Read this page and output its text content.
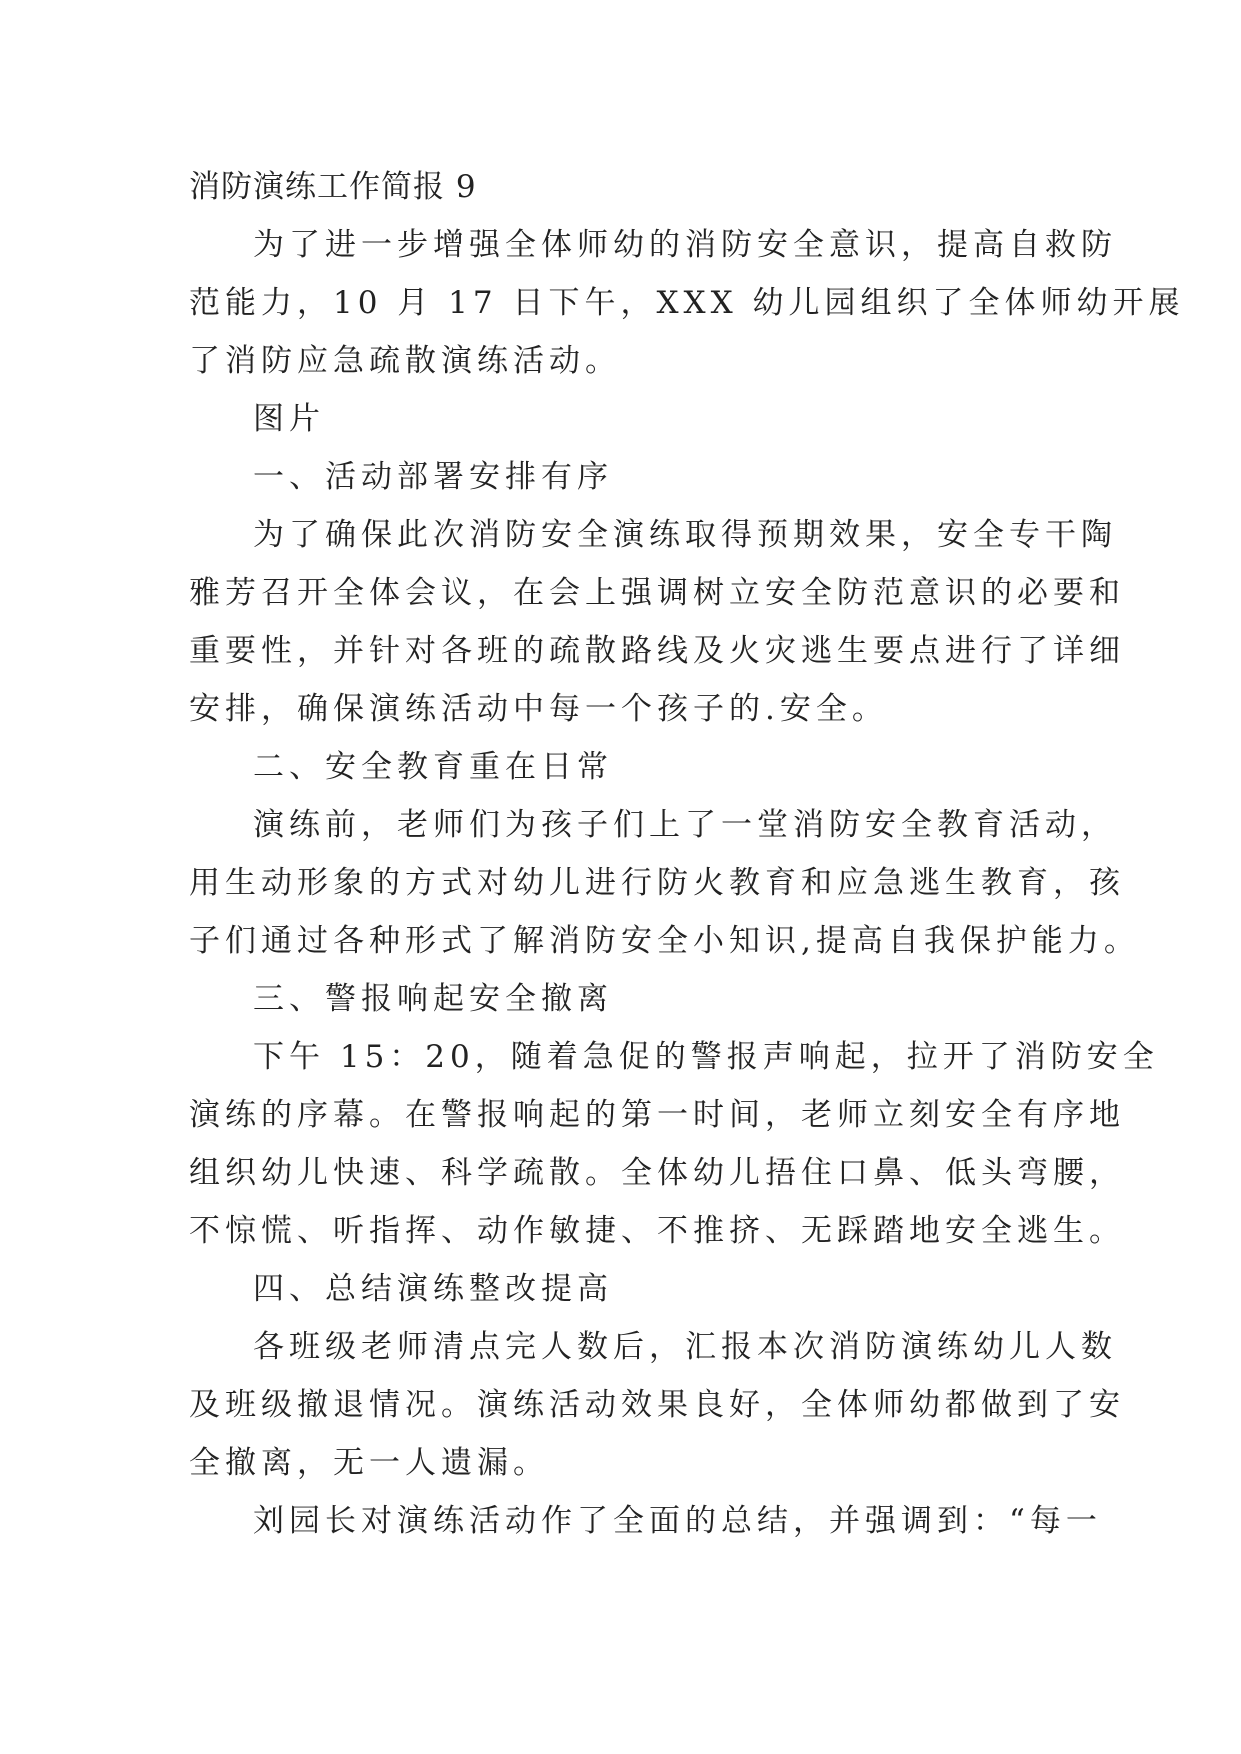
消防演练工作简报 9
为了进一步增强全体师幼的消防安全意识，提高自救防
范能力，10 月 17 日下午，XXX 幼儿园组织了全体师幼开展
了消防应急疏散演练活动。
图片
一、活动部署安排有序
为了确保此次消防安全演练取得预期效果，安全专干陶
雅芳召开全体会议，在会上强调树立安全防范意识的必要和
重要性，并针对各班的疏散路线及火灾逃生要点进行了详细
安排，确保演练活动中每一个孩子的.安全。
二、安全教育重在日常
演练前，老师们为孩子们上了一堂消防安全教育活动，
用生动形象的方式对幼儿进行防火教育和应急逃生教育，孩
子们通过各种形式了解消防安全小知识,提高自我保护能力。
三、警报响起安全撤离
下午 15：20，随着急促的警报声响起，拉开了消防安全
演练的序幕。在警报响起的第一时间，老师立刻安全有序地
组织幼儿快速、科学疏散。全体幼儿捂住口鼻、低头弯腰，
不惊慌、听指挥、动作敏捷、不推挤、无踩踏地安全逃生。
四、总结演练整改提高
各班级老师清点完人数后，汇报本次消防演练幼儿人数
及班级撤退情况。演练活动效果良好，全体师幼都做到了安
全撤离，无一人遗漏。
刘园长对演练活动作了全面的总结，并强调到：“每一
